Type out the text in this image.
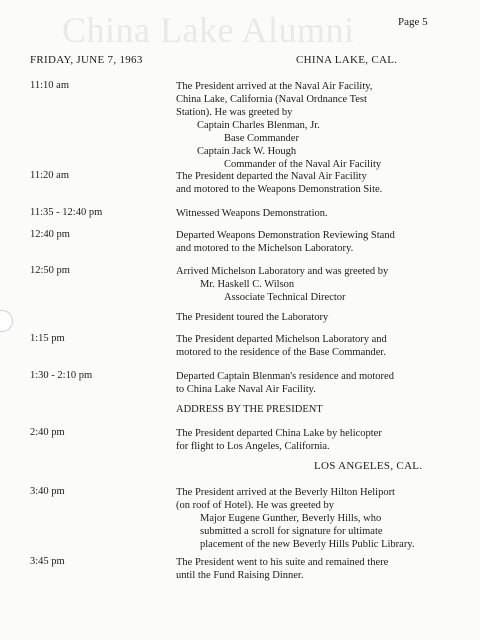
China Lake Alumni	Page 5
FRIDAY, JUNE 7, 1963	CHINA LAKE, CAL.
11:10 am	The President arrived at the Naval Air Facility,
China Lake, California (Naval Ordnance Test
Station). He was greeted by
Captain Charles Blenman, Jr.
Base Commander
Captain Jack W. Hough
Commander of the Naval Air Facility
11:20 am	The President departed the Naval Air Facility
and motored to the Weapons Demonstration Site.
11:35 - 12:40 pm	Witnessed Weapons Demonstration.
12:40 pm	Departed Weapons Demonstration Reviewing Stand
and motored to the Michelson Laboratory.
12:50 pm	Arrived Michelson Laboratory and was greeted by
Mr. Haskell C. Wilson
Associate Technical Director
The President toured the Laboratory
1:15 pm	The President departed Michelson Laboratory and
motored to the residence of the Base Commander.
1:30 - 2:10 pm	Departed Captain Blenman's residence and motored
to China Lake Naval Air Facility.
ADDRESS BY THE PRESIDENT
2:40 pm	The President departed China Lake by helicopter
for flight to Los Angeles, California.
LOS ANGELES, CAL.
3:40 pm	The President arrived at the Beverly Hilton Heliport
(on roof of Hotel). He was greeted by
Major Eugene Gunther, Beverly Hills, who
submitted a scroll for signature for ultimate
placement of the new Beverly Hills Public Library.
3:45 pm	The President went to his suite and remained there
until the Fund Raising Dinner.
